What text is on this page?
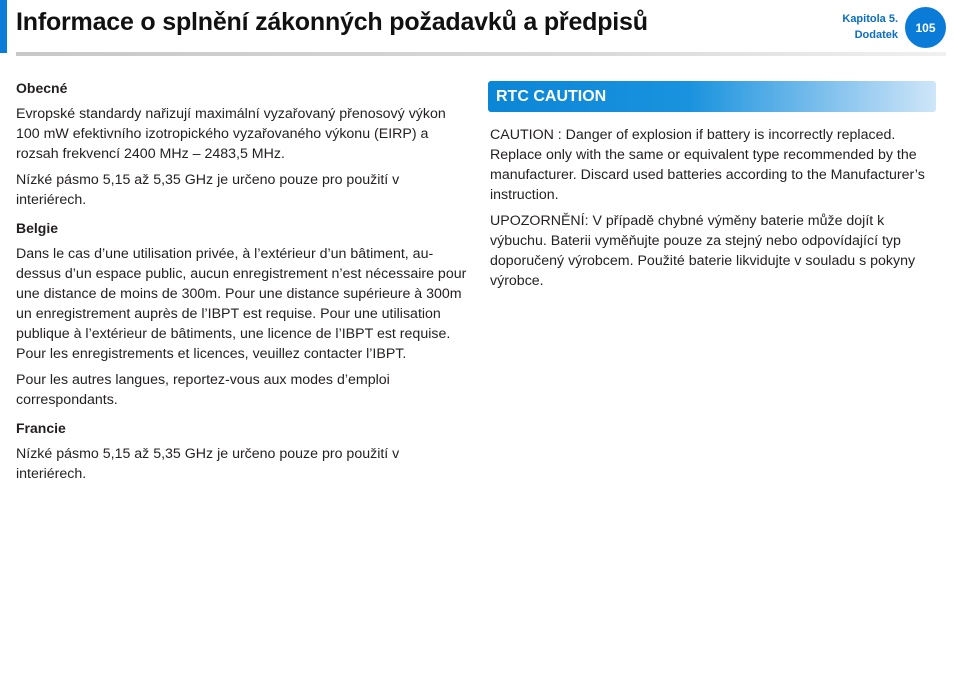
Informace o splnění zákonných požadavků a předpisů	Kapitola 5.
Dodatek
105
Obecné

Evropské standardy nařizují maximální vyzařovaný přenosový výkon 100 mW efektivního izotropického vyzařovaného výkonu (EIRP) a rozsah frekvencí 2400 MHz – 2483,5 MHz.

Nízké pásmo 5,15 až 5,35 GHz je určeno pouze pro použití v interiérech.

Belgie

Dans le cas d’une utilisation privée, à l’extérieur d’un bâtiment, au-dessus d’un espace public, aucun enregistrement n’est nécessaire pour une distance de moins de 300m. Pour une distance supérieure à 300m un enregistrement auprès de l’IBPT est requise. Pour une utilisation publique à l’extérieur de bâtiments, une licence de l’IBPT est requise. Pour les enregistrements et licences, veuillez contacter l’IBPT.

Pour les autres langues, reportez-vous aux modes d’emploi correspondants.

Francie

Nízké pásmo 5,15 až 5,35 GHz je určeno pouze pro použití v interiérech.

RTC CAUTION

CAUTION : Danger of explosion if battery is incorrectly replaced. Replace only with the same or equivalent type recommended by the manufacturer. Discard used batteries according to the Manufacturer’s instruction.

UPOZORNĚNÍ: V případě chybné výměny baterie může dojít k výbuchu. Baterii vyměňujte pouze za stejný nebo odpovídající typ doporučený výrobcem. Použité baterie likvidujte v souladu s pokyny výrobce.
